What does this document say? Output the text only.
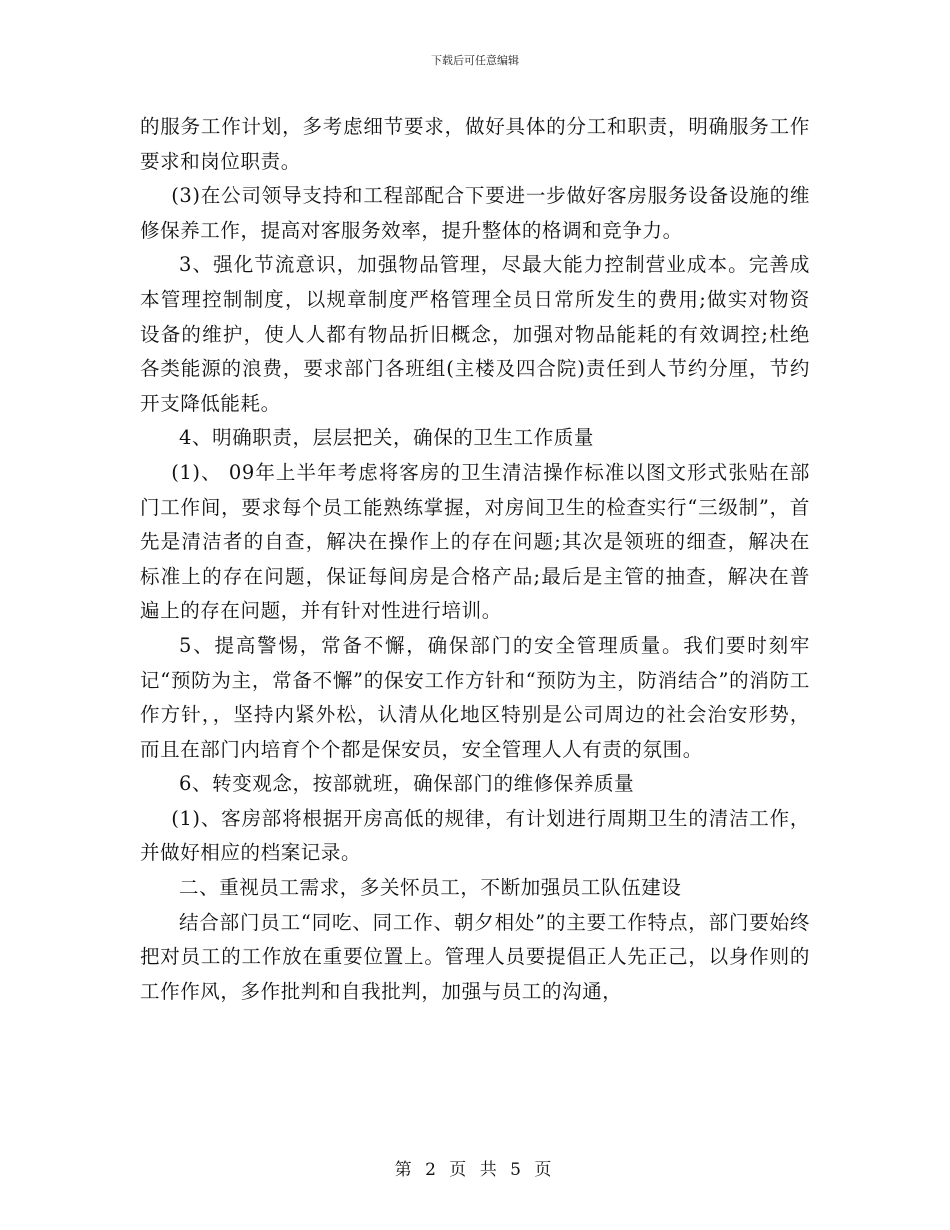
下载后可任意编辑

的服务工作计划，多考虑细节要求，做好具体的分工和职责，明确服务工作要求和岗位职责。

(3)在公司领导支持和工程部配合下要进一步做好客房服务设备设施的维修保养工作，提高对客服务效率，提升整体的格调和竞争力。

3、强化节流意识，加强物品管理，尽最大能力控制营业成本。完善成本管理控制制度，以规章制度严格管理全员日常所发生的费用;做实对物资设备的维护，使人人都有物品折旧概念，加强对物品能耗的有效调控;杜绝各类能源的浪费，要求部门各班组(主楼及四合院)责任到人节约分厘，节约开支降低能耗。

4、明确职责，层层把关，确保的卫生工作质量

(1)、 09年上半年考虑将客房的卫生清洁操作标准以图文形式张贴在部门工作间，要求每个员工能熟练掌握，对房间卫生的检查实行“三级制”，首先是清洁者的自查，解决在操作上的存在问题;其次是领班的细查，解决在标准上的存在问题，保证每间房是合格产品;最后是主管的抽查，解决在普遍上的存在问题，并有针对性进行培训。

5、提高警惕，常备不懈，确保部门的安全管理质量。我们要时刻牢记“预防为主，常备不懈”的保安工作方针和“预防为主，防消结合”的消防工作方针，，坚持内紧外松，认清从化地区特别是公司周边的社会治安形势，而且在部门内培育个个都是保安员，安全管理人人有责的氛围。

6、转变观念，按部就班，确保部门的维修保养质量

(1)、客房部将根据开房高低的规律，有计划进行周期卫生的清洁工作，并做好相应的档案记录。

二、重视员工需求，多关怀员工，不断加强员工队伍建设

结合部门员工“同吃、同工作、朝夕相处”的主要工作特点，部门要始终把对员工的工作放在重要位置上。管理人员要提倡正人先正己，以身作则的工作作风，多作批判和自我批判，加强与员工的沟通，

第 2 页 共 5 页
